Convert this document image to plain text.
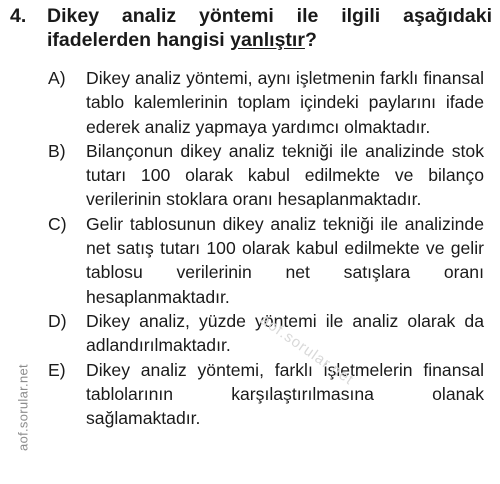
4.	Dikey analiz yöntemi ile ilgili aşağıdaki ifadelerden hangisi yanlıştır?
A)	Dikey analiz yöntemi, aynı işletmenin farklı finansal tablo kalemlerinin toplam içindeki paylarını ifade ederek analiz yapmaya yardımcı olmaktadır.
B)	Bilançonun dikey analiz tekniği ile analizinde stok tutarı 100 olarak kabul edilmekte ve bilanço verilerinin stoklara oranı hesaplanmaktadır.
C)	Gelir tablosunun dikey analiz tekniği ile analizinde net satış tutarı 100 olarak kabul edilmekte ve gelir tablosu verilerinin net satışlara oranı hesaplanmaktadır.
D)	Dikey analiz, yüzde yöntemi ile analiz olarak da adlandırılmaktadır.
E)	Dikey analiz yöntemi, farklı işletmelerin finansal tablolarının karşılaştırılmasına olanak sağlamaktadır.
aof.sorular.net
aof.sorular.net
